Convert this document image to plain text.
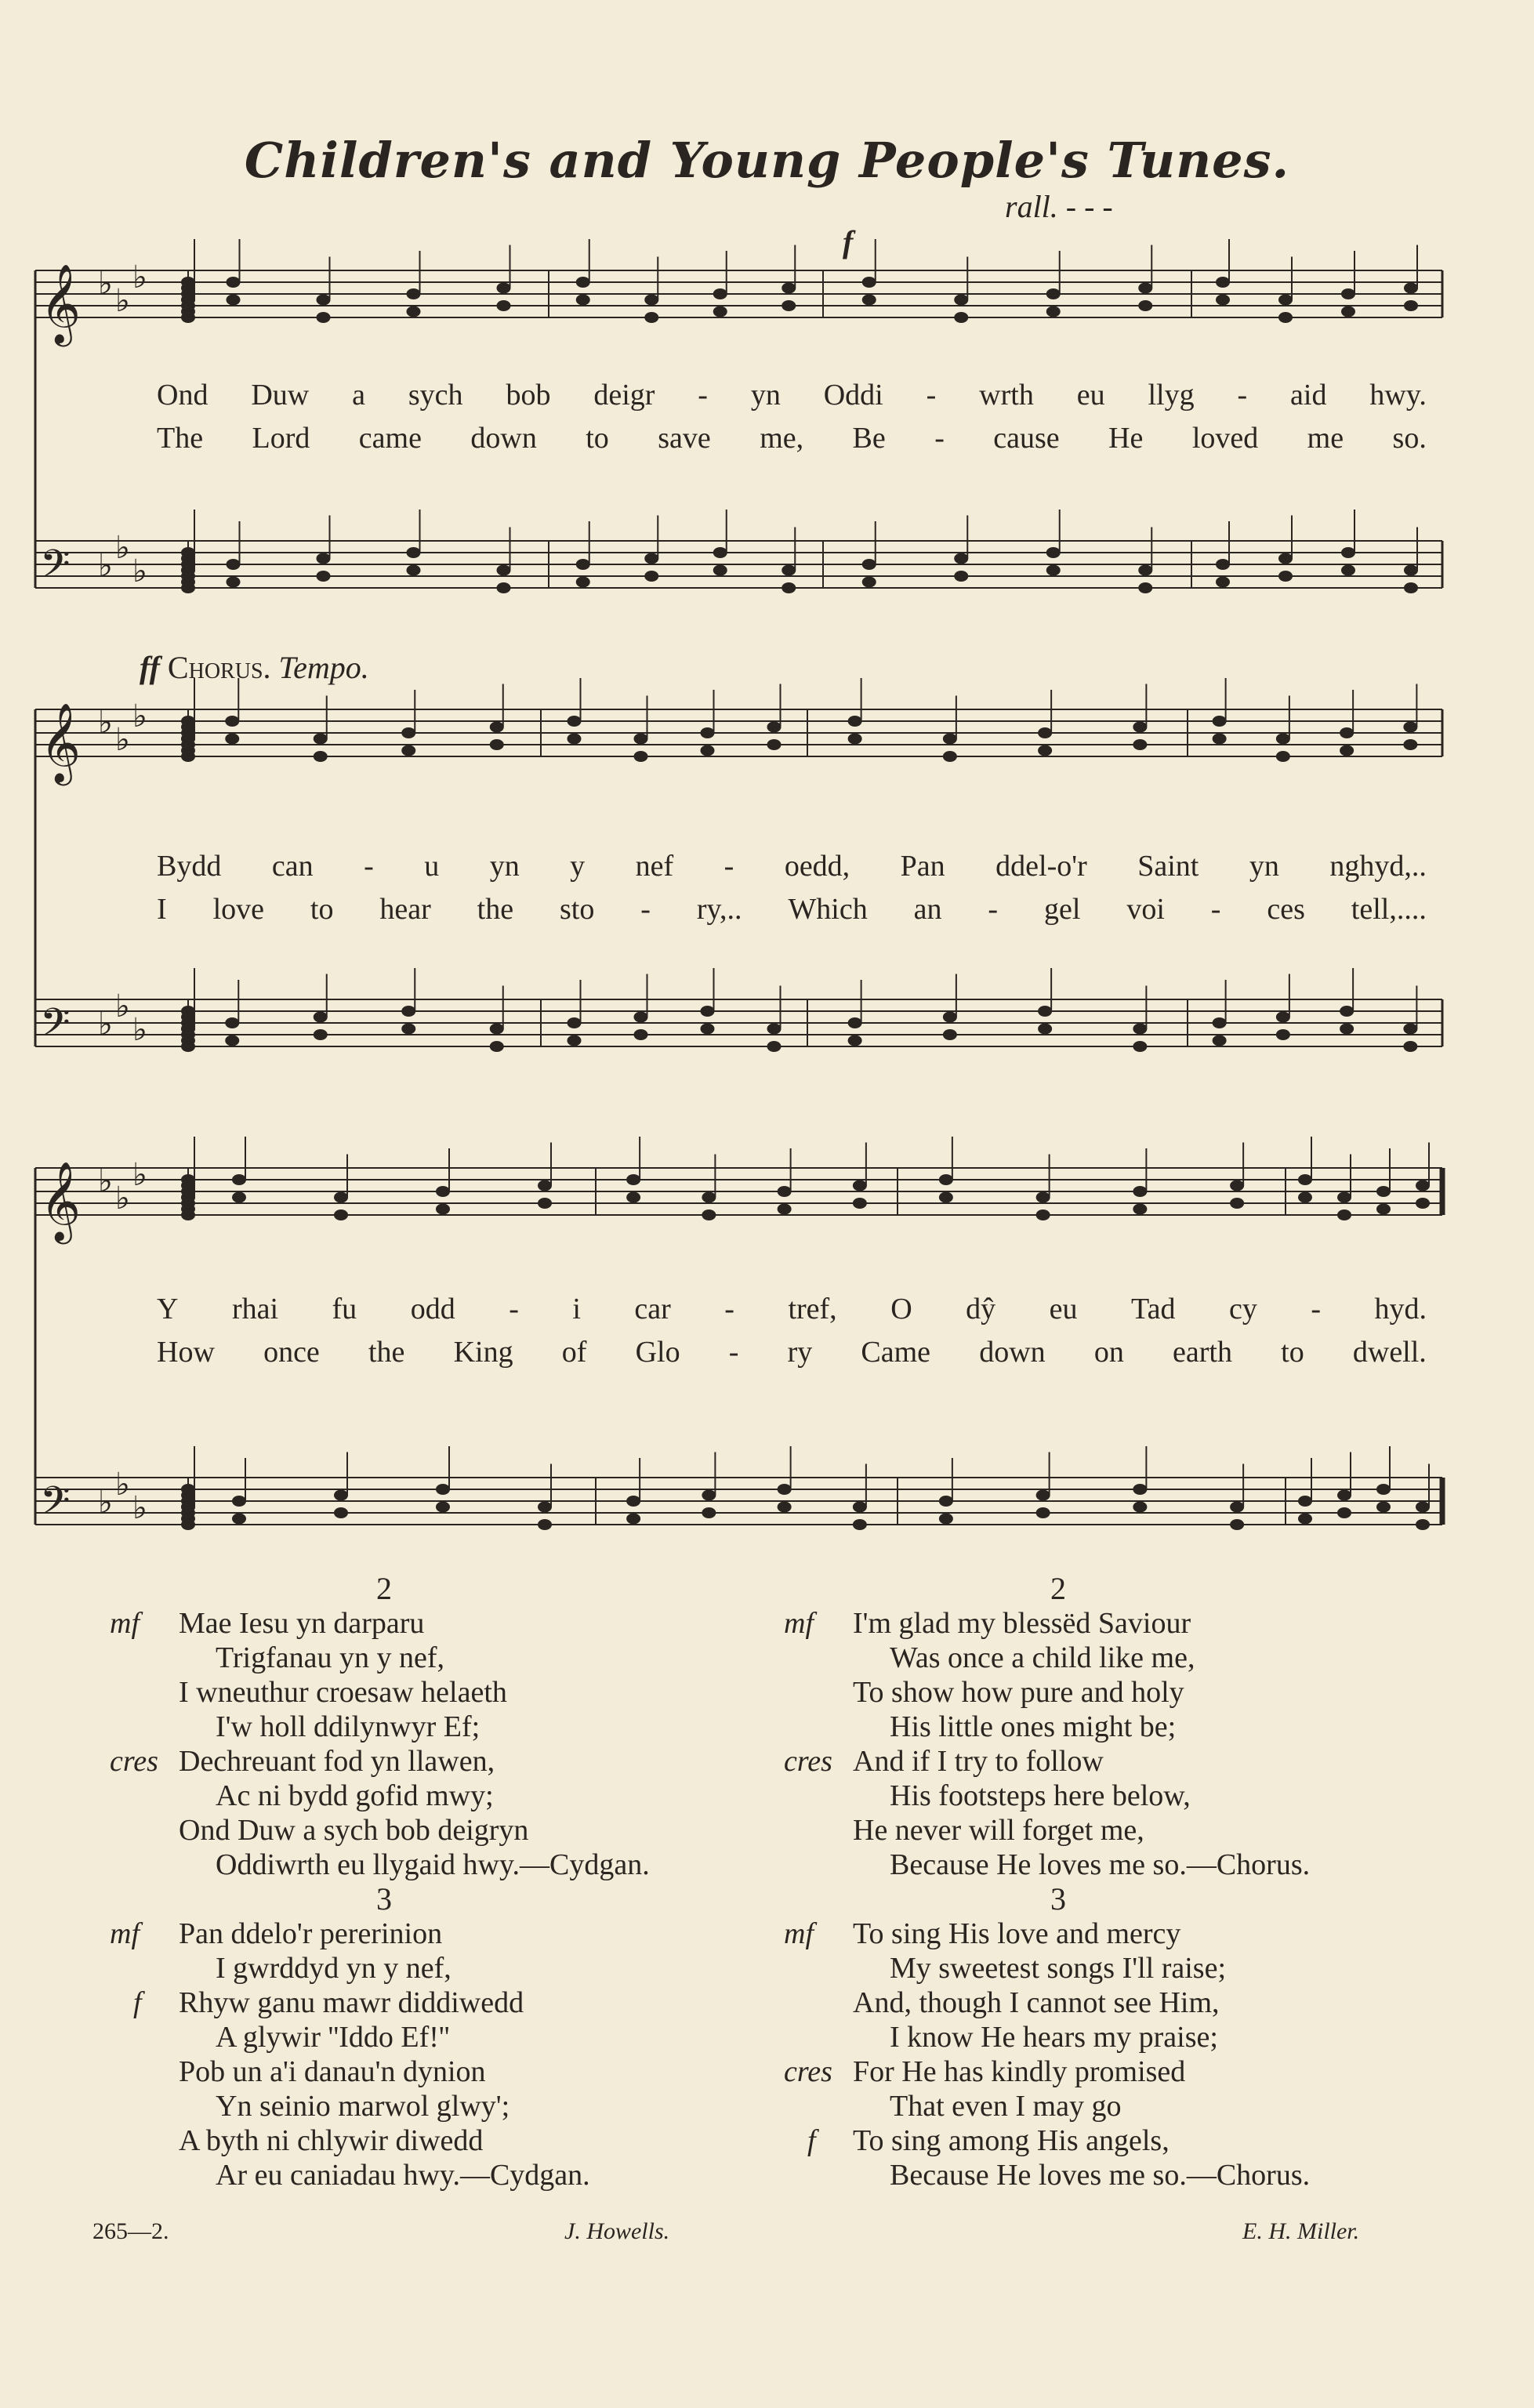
Children's and Young People's Tunes.
rall. - - -
f
ff Chorus. Tempo.
𝄞 ♭ ♭
♭
𝄢 ♭ ♭
♭
𝄞 ♭ ♭
♭
𝄢 ♭ ♭
♭
𝄞 ♭ ♭
♭
𝄢 ♭ ♭
♭
Ond Duw a sych bob deigr - yn Oddi - wrth eu llyg - aid hwy.
The Lord came down to save me, Be - cause He loved me so.
Bydd can - u yn y nef - oedd, Pan ddel-o'r Saint yn nghyd,..
I love to hear the sto - ry,.. Which an - gel voi - ces tell,....
Y rhai fu odd - i car - tref, O dŷ eu Tad cy - hyd.
How once the King of Glo - ry Came down on earth to dwell.
2
mf Mae Iesu yn darparu
Trigfanau yn y nef,
I wneuthur croesaw helaeth
I'w holl ddilynwyr Ef;
cres Dechreuant fod yn llawen,
Ac ni bydd gofid mwy;
Ond Duw a sych bob deigryn
Oddiwrth eu llygaid hwy.—Cydgan.
3
mf Pan ddelo'r pererinion
I gwrddyd yn y nef,
f Rhyw ganu mawr diddiwedd
A glywir ''Iddo Ef!''
Pob un a'i danau'n dynion
Yn seinio marwol glwy';
A byth ni chlywir diwedd
Ar eu caniadau hwy.—Cydgan.
2
mf I'm glad my blessëd Saviour
Was once a child like me,
To show how pure and holy
His little ones might be;
cres And if I try to follow
His footsteps here below,
He never will forget me,
Because He loves me so.—Chorus.
3
mf To sing His love and mercy
My sweetest songs I'll raise;
And, though I cannot see Him,
I know He hears my praise;
cres For He has kindly promised
That even I may go
f To sing among His angels,
Because He loves me so.—Chorus.
265—2.	J. Howells.	E. H. Miller.
